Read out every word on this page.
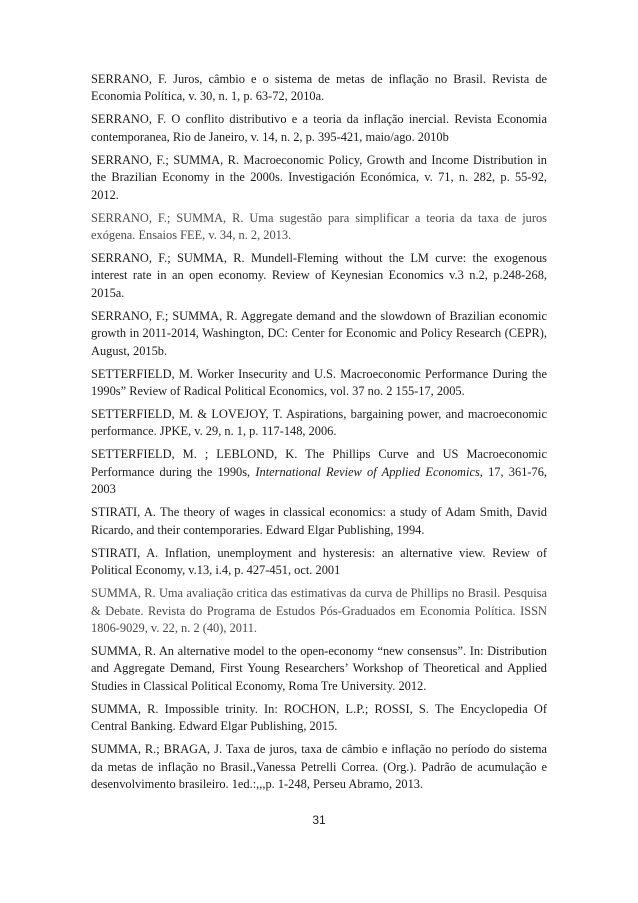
SERRANO, F. Juros, câmbio e o sistema de metas de inflação no Brasil. Revista de Economia Política, v. 30, n. 1, p. 63-72, 2010a.

SERRANO, F. O conflito distributivo e a teoria da inflação inercial. Revista Economia contemporanea, Rio de Janeiro, v. 14, n. 2, p. 395-421, maio/ago. 2010b

SERRANO, F.; SUMMA, R. Macroeconomic Policy, Growth and Income Distribution in the Brazilian Economy in the 2000s. Investigación Económica, v. 71, n. 282, p. 55-92, 2012.

SERRANO, F.; SUMMA, R. Uma sugestão para simplificar a teoria da taxa de juros exógena. Ensaios FEE, v. 34, n. 2, 2013.

SERRANO, F.; SUMMA, R. Mundell-Fleming without the LM curve: the exogenous interest rate in an open economy. Review of Keynesian Economics v.3 n.2, p.248-268, 2015a.

SERRANO, F.; SUMMA, R. Aggregate demand and the slowdown of Brazilian economic growth in 2011-2014, Washington, DC: Center for Economic and Policy Research (CEPR), August, 2015b.

SETTERFIELD, M. Worker Insecurity and U.S. Macroeconomic Performance During the 1990s” Review of Radical Political Economics, vol. 37 no. 2 155-17, 2005.

SETTERFIELD, M. & LOVEJOY, T. Aspirations, bargaining power, and macroeconomic performance. JPKE, v. 29, n. 1, p. 117-148, 2006.

SETTERFIELD, M. ; LEBLOND, K. The Phillips Curve and US Macroeconomic Performance during the 1990s, International Review of Applied Economics, 17, 361-76, 2003

STIRATI, A. The theory of wages in classical economics: a study of Adam Smith, David Ricardo, and their contemporaries. Edward Elgar Publishing, 1994.

STIRATI, A. Inflation, unemployment and hysteresis: an alternative view. Review of Political Economy, v.13, i.4, p. 427-451, oct. 2001

SUMMA, R. Uma avaliação critica das estimativas da curva de Phillips no Brasil. Pesquisa & Debate. Revista do Programa de Estudos Pós-Graduados em Economia Política. ISSN 1806-9029, v. 22, n. 2 (40), 2011.

SUMMA, R. An alternative model to the open-economy “new consensus”. In: Distribution and Aggregate Demand, First Young Researchers’ Workshop of Theoretical and Applied Studies in Classical Political Economy, Roma Tre University. 2012.

SUMMA, R. Impossible trinity. In: ROCHON, L.P.; ROSSI, S. The Encyclopedia Of Central Banking. Edward Elgar Publishing, 2015.

SUMMA, R.; BRAGA, J. Taxa de juros, taxa de câmbio e inflação no período do sistema da metas de inflação no Brasil.,Vanessa Petrelli Correa. (Org.). Padrão de acumulação e desenvolvimento brasileiro. 1ed.:,,,p. 1-248, Perseu Abramo, 2013.

31
